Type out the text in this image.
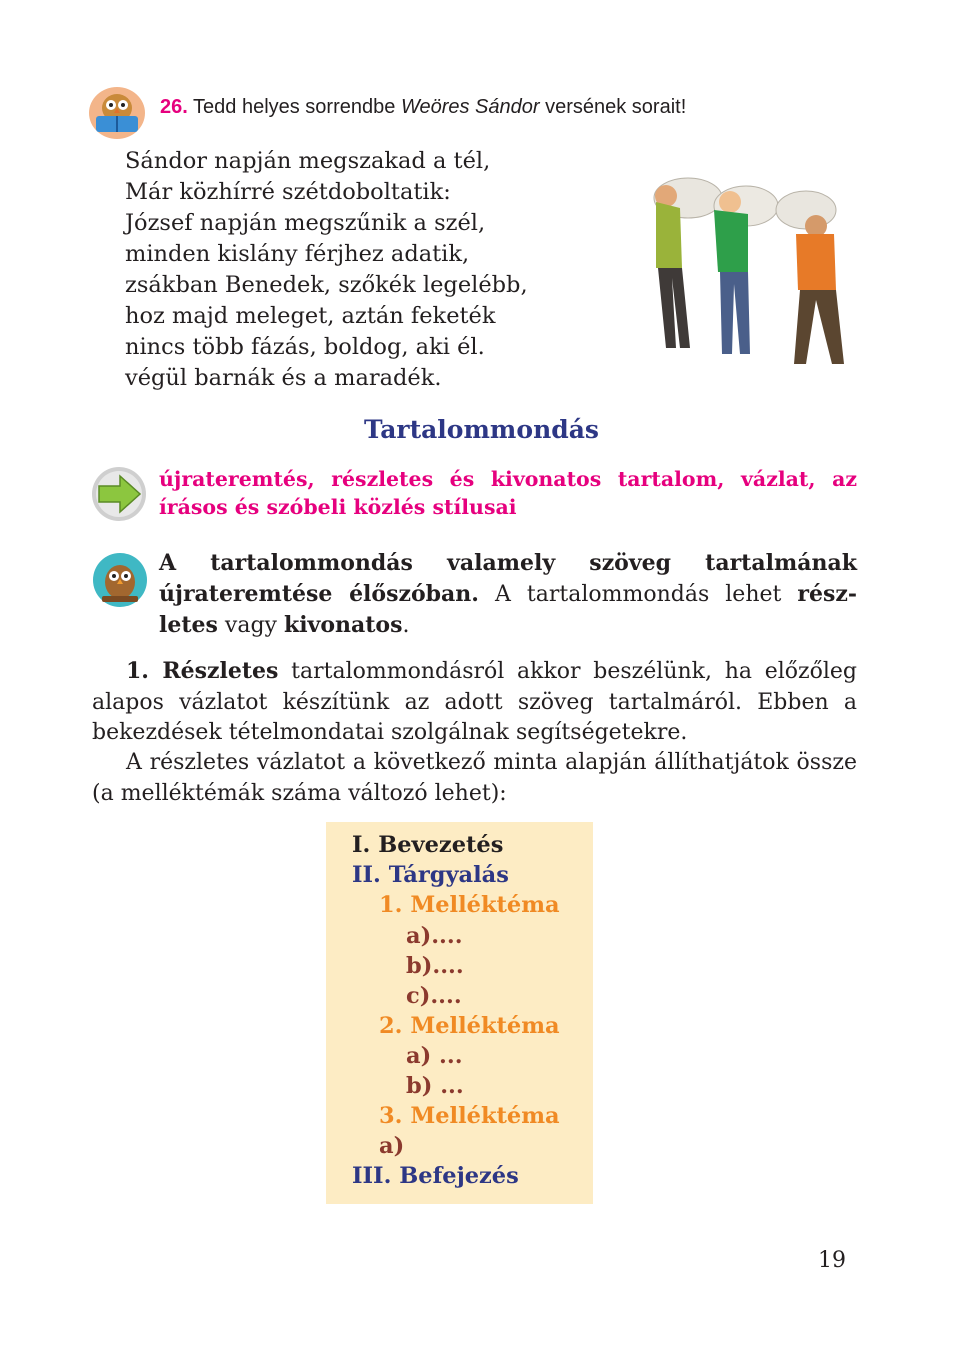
26. Tedd helyes sorrendbe Weöres Sándor versének sorait!
Sándor napján megszakad a tél,
Már közhírré szétdoboltatik:
József napján megszűnik a szél,
minden kislány férjhez adatik,
zsákban Benedek, szőkék legelébb,
hoz majd meleget, aztán feketék
nincs több fázás, boldog, aki él.
végül barnák és a maradék.
Tartalommondás
újrateremtés, részletes és kivonatos tartalom, vázlat, az írásos és szóbeli közlés stílusai
A tartalommondás valamely szöveg tartalmának újrateremtése élőszóban. A tartalommondás lehet részletes vagy kivonatos.
1. Részletes tartalommondásról akkor beszélünk, ha előzőleg alapos vázlatot készítünk az adott szöveg tartalmáról. Ebben a bekezdések tételmondatai szolgálnak segítségetekre.
A részletes vázlatot a következő minta alapján állíthatjátok össze (a melléktémák száma változó lehet):
I. Bevezetés
II. Tárgyalás
1. Melléktéma
a)....
b)....
c)....
2. Melléktéma
a) ...
b) ...
3. Melléktéma
a)
III. Befejezés
19
